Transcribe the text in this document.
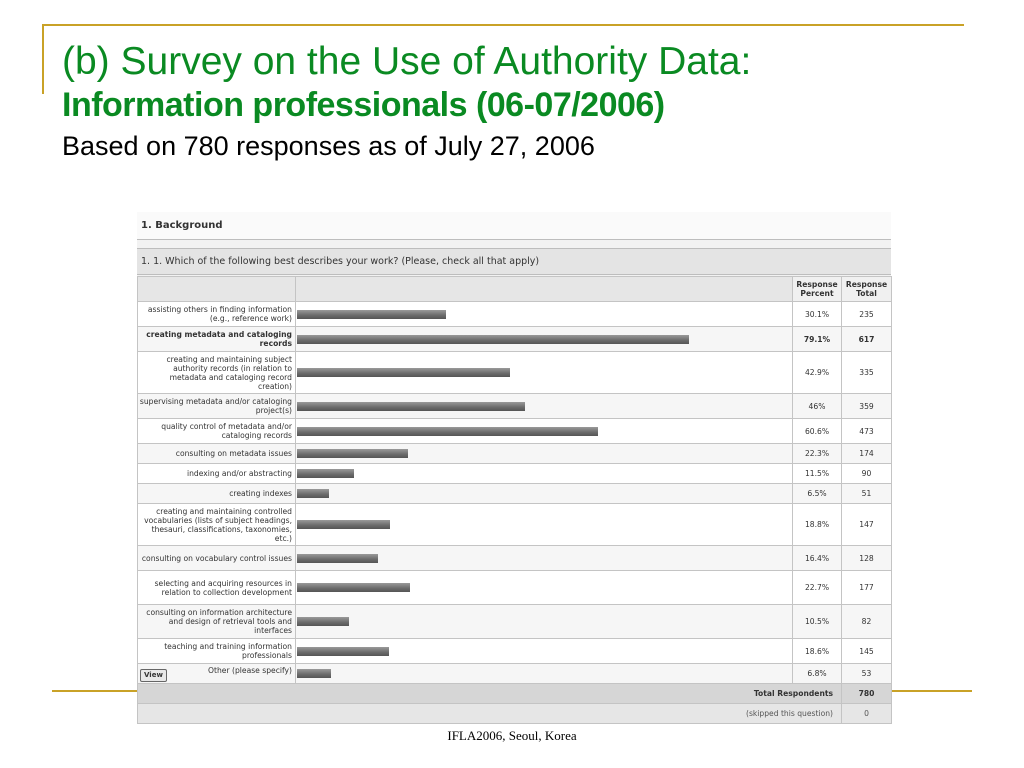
(b) Survey on the Use of Authority Data:
Information professionals (06-07/2006)
Based on 780 responses as of July 27, 2006
1. Background
1. 1. Which of the following best describes your work? (Please, check all that apply)
		Response Percent	Response Total
assisting others in finding information (e.g., reference work)		30.1%	235
creating metadata and cataloging records		79.1%	617
creating and maintaining subject authority records (in relation to metadata and cataloging record creation)		42.9%	335
supervising metadata and/or cataloging project(s)		46%	359
quality control of metadata and/or cataloging records		60.6%	473
consulting on metadata issues		22.3%	174
indexing and/or abstracting		11.5%	90
creating indexes		6.5%	51
creating and maintaining controlled vocabularies (lists of subject headings, thesauri, classifications, taxonomies, etc.)		18.8%	147
consulting on vocabulary control issues		16.4%	128
selecting and acquiring resources in relation to collection development		22.7%	177
consulting on information architecture and design of retrieval tools and interfaces		10.5%	82
teaching and training information professionals		18.6%	145

View Other (please specify)		6.8%	53
Total Respondents			780
(skipped this question)			0
IFLA2006, Seoul, Korea
